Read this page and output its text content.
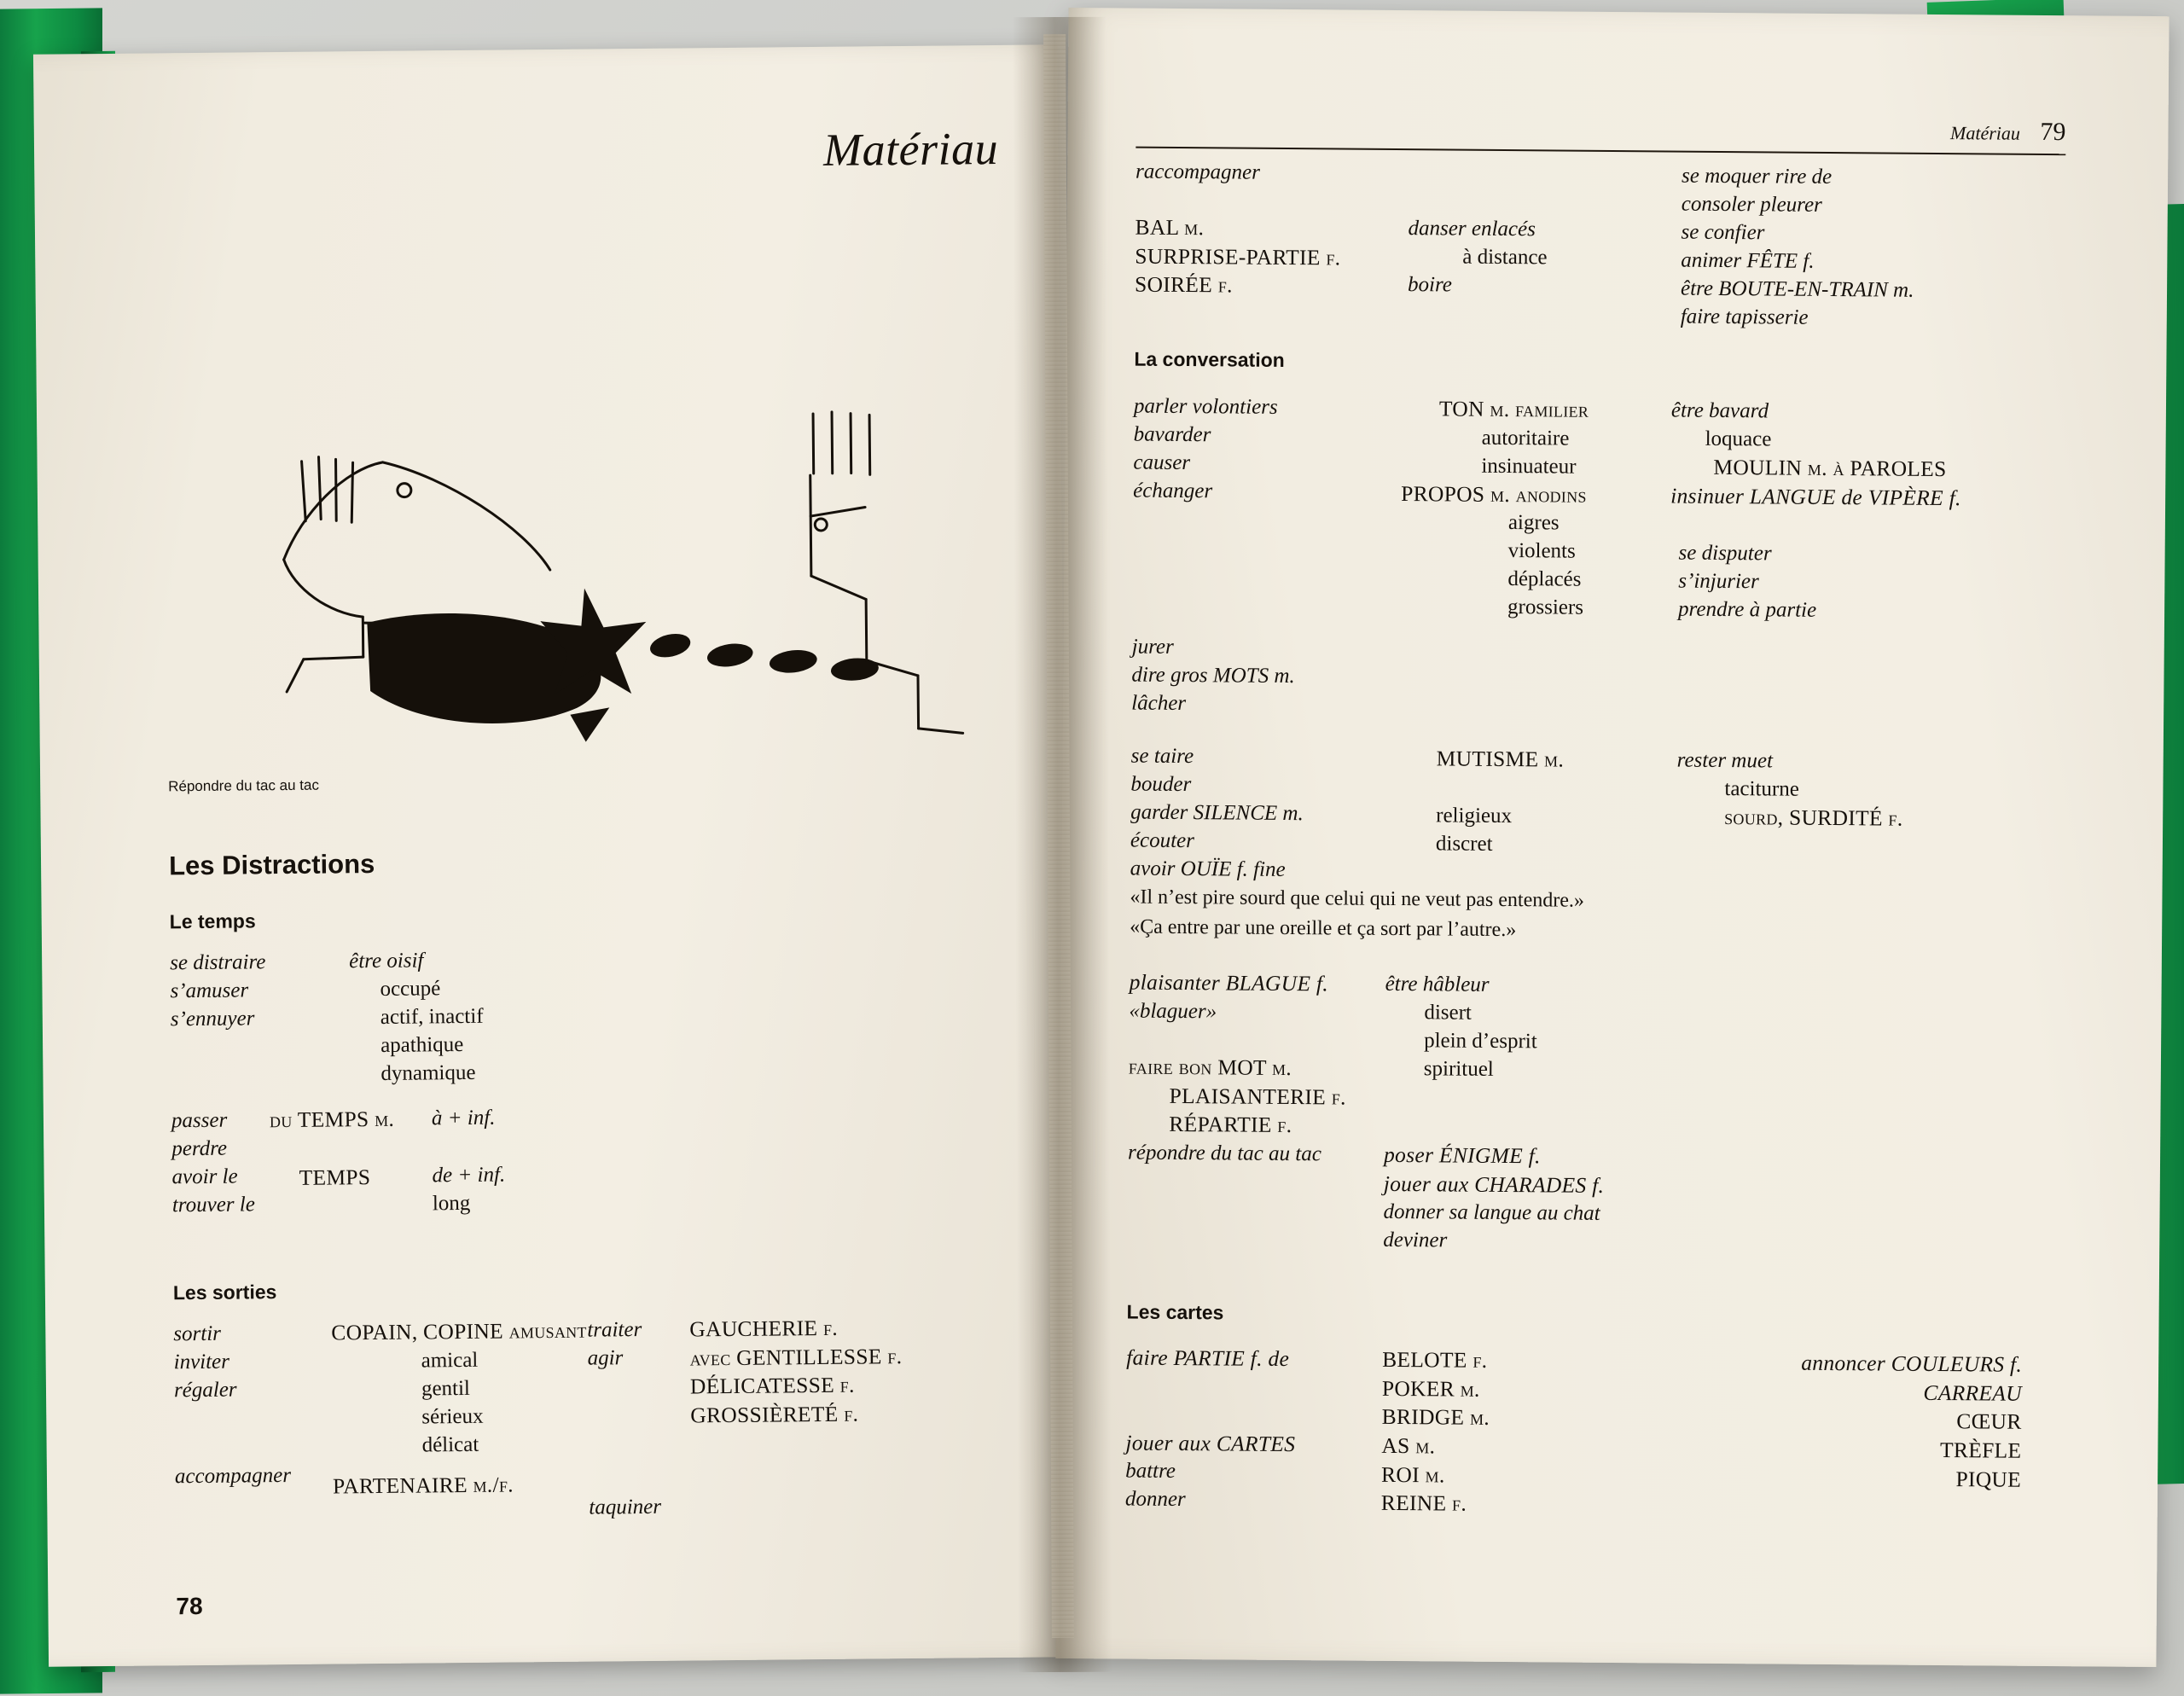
Matériau
Répondre du tac au tac
Les Distractions
Le temps
se distraire
s’amuser
s’ennuyer
être oisif
occupé
actif, inactif
apathique
dynamique
passer
perdre
avoir le
trouver le
du TEMPS m.
TEMPS
à + inf.
de + inf.
long
Les sorties
sortir
inviter
régaler
accompagner
COPAIN, COPINE amusant
amical
gentil
sérieux
délicat
PARTENAIRE m./f.
traiter
agir
taquiner
GAUCHERIE f.
avec GENTILLESSE f.
DÉLICATESSE f.
GROSSIÈRETÉ f.
78
Matériau 79
raccompagner
BAL m.
SURPRISE-PARTIE f.
SOIRÉE f.
danser enlacés
à distance
boire
se moquer rire de
consoler pleurer
se confier
animer FÊTE f.
être BOUTE-EN-TRAIN m.
faire tapisserie
La conversation
parler volontiers
bavarder
causer
échanger
TON m. familier
autoritaire
insinuateur
PROPOS m. anodins
aigres
violents
déplacés
grossiers
être bavard
loquace
MOULIN m. à PAROLES
insinuer LANGUE de VIPÈRE f.
se disputer
s’injurier
prendre à partie
jurer
dire gros MOTS m.
lâcher
se taire
bouder
garder SILENCE m.
écouter
avoir OUÏE f. fine
MUTISME m.
religieux
discret
rester muet
taciturne
sourd, SURDITÉ f.
«Il n’est pire sourd que celui qui ne veut pas entendre.»
«Ça entre par une oreille et ça sort par l’autre.»
plaisanter BLAGUE f.
«blaguer»
faire bon MOT m.
PLAISANTERIE f.
RÉPARTIE f.
être hâbleur
disert
plein d’esprit
spirituel
répondre du tac au tac	poser ÉNIGME f.
jouer aux CHARADES f.
donner sa langue au chat
deviner
Les cartes
faire PARTIE f. de
jouer aux CARTES
battre
donner
BELOTE f.
POKER m.
BRIDGE m.
AS m.
ROI m.
REINE f.
annoncer COULEURS f. CARREAU
CŒUR
TRÈFLE
PIQUE
